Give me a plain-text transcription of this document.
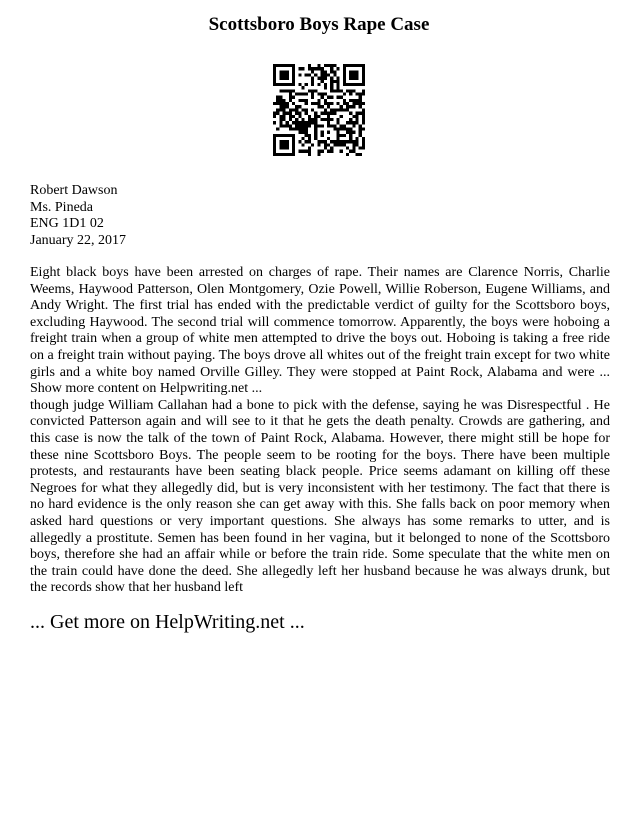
Scottsboro Boys Rape Case
Robert Dawson
Ms. Pineda
ENG 1D1 02
January 22, 2017

Eight black boys have been arrested on charges of rape. Their names are Clarence Norris, Charlie Weems, Haywood Patterson, Olen Montgomery, Ozie Powell, Willie Roberson, Eugene Williams, and Andy Wright. The first trial has ended with the predictable verdict of guilty for the Scottsboro boys, excluding Haywood. The second trial will commence tomorrow. Apparently, the boys were hoboing a freight train when a group of white men attempted to drive the boys out. Hoboing is taking a free ride on a freight train without paying. The boys drove all whites out of the freight train except for two white girls and a white boy named Orville Gilley. They were stopped at Paint Rock, Alabama and were ... Show more content on Helpwriting.net ...

though judge William Callahan had a bone to pick with the defense, saying he was Disrespectful . He convicted Patterson again and will see to it that he gets the death penalty. Crowds are gathering, and this case is now the talk of the town of Paint Rock, Alabama. However, there might still be hope for these nine Scottsboro Boys. The people seem to be rooting for the boys. There have been multiple protests, and restaurants have been seating black people. Price seems adamant on killing off these Negroes for what they allegedly did, but is very inconsistent with her testimony. The fact that there is no hard evidence is the only reason she can get away with this. She falls back on poor memory when asked hard questions or very important questions. She always has some remarks to utter, and is allegedly a prostitute. Semen has been found in her vagina, but it belonged to none of the Scottsboro boys, therefore she had an affair while or before the train ride. Some speculate that the white men on the train could have done the deed. She allegedly left her husband because he was always drunk, but the records show that her husband left

... Get more on HelpWriting.net ...
